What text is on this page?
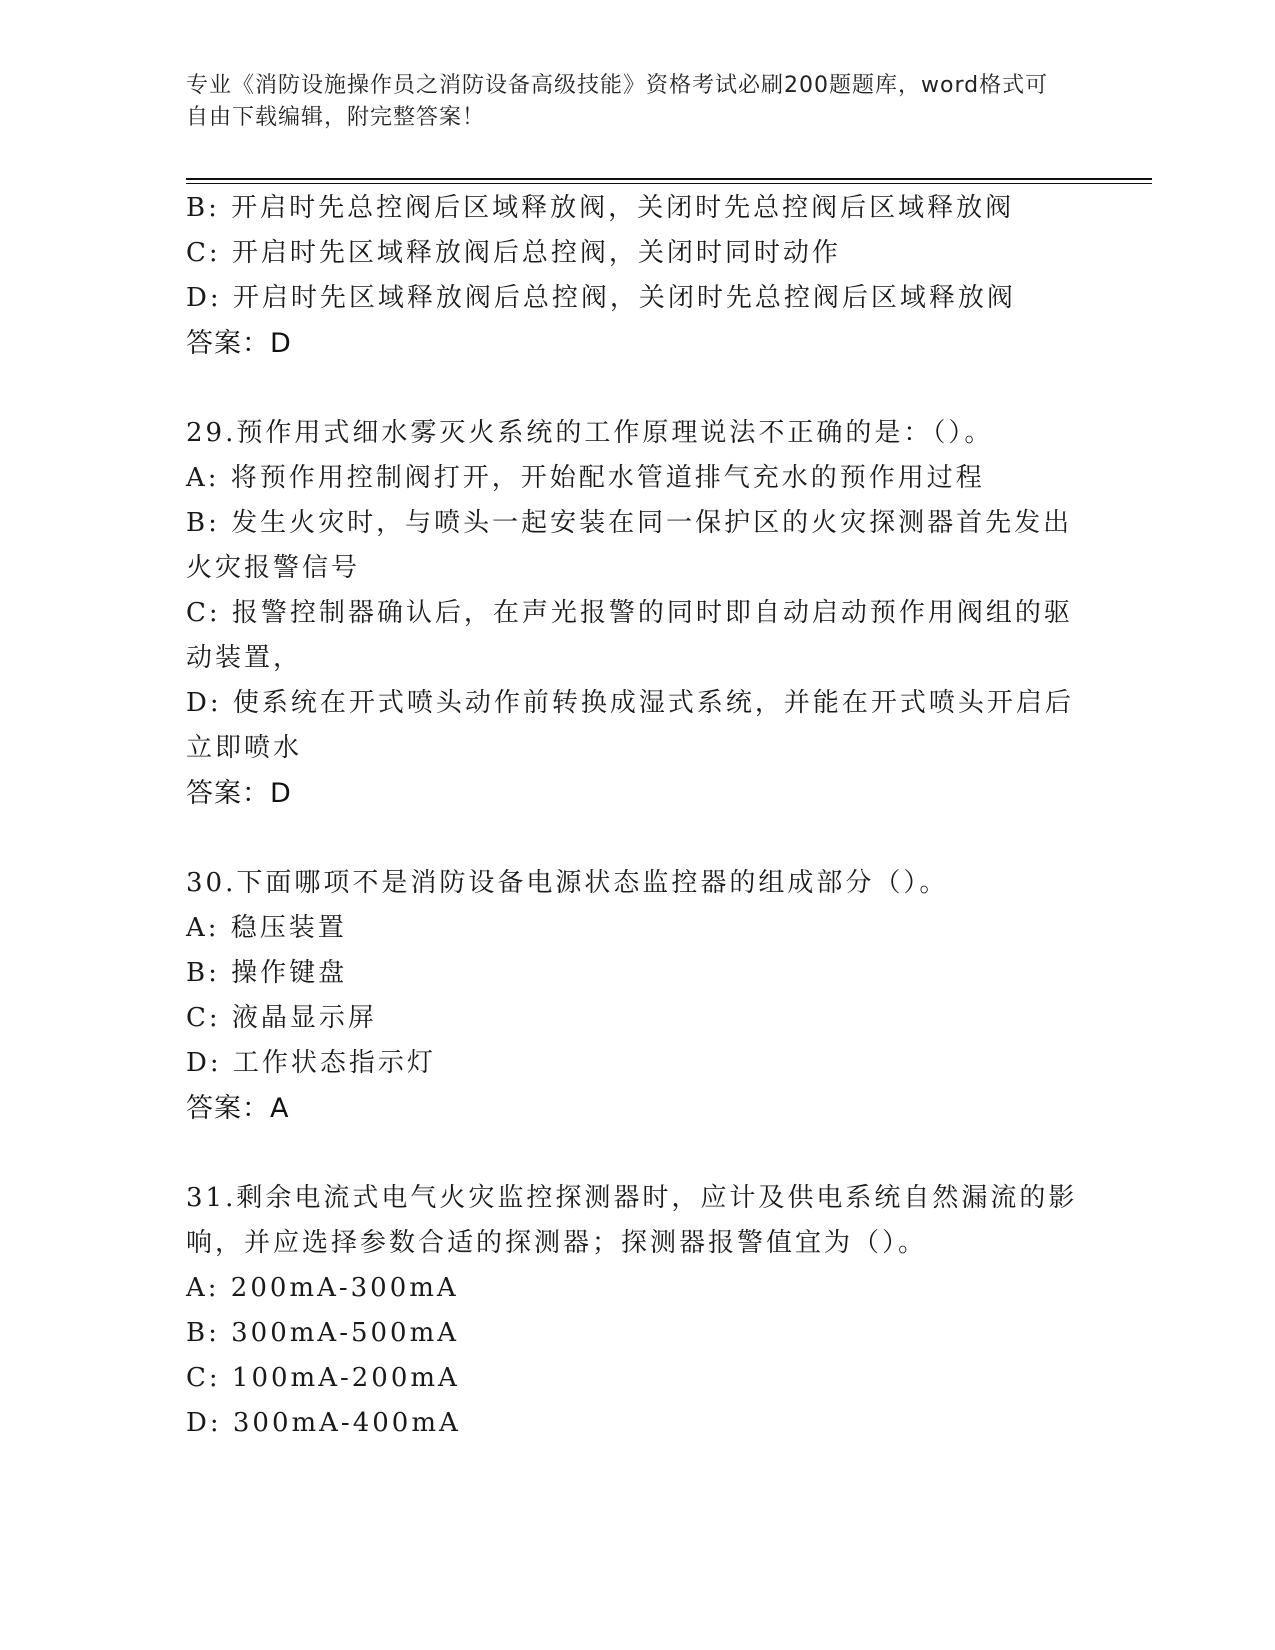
专业《消防设施操作员之消防设备高级技能》资格考试必刷200题题库，word格式可自由下载编辑，附完整答案！
B: 开启时先总控阀后区域释放阀，关闭时先总控阀后区域释放阀
C: 开启时先区域释放阀后总控阀，关闭时同时动作
D: 开启时先区域释放阀后总控阀，关闭时先总控阀后区域释放阀
答案：D
29.预作用式细水雾灭火系统的工作原理说法不正确的是：（）。
A: 将预作用控制阀打开，开始配水管道排气充水的预作用过程
B: 发生火灾时，与喷头一起安装在同一保护区的火灾探测器首先发出火灾报警信号
C: 报警控制器确认后，在声光报警的同时即自动启动预作用阀组的驱动装置，
D: 使系统在开式喷头动作前转换成湿式系统，并能在开式喷头开启后立即喷水
答案：D
30.下面哪项不是消防设备电源状态监控器的组成部分（）。
A: 稳压装置
B: 操作键盘
C: 液晶显示屏
D: 工作状态指示灯
答案：A
31.剩余电流式电气火灾监控探测器时，应计及供电系统自然漏流的影响，并应选择参数合适的探测器；探测器报警值宜为（）。
A: 200mA-300mA
B: 300mA-500mA
C: 100mA-200mA
D: 300mA-400mA
